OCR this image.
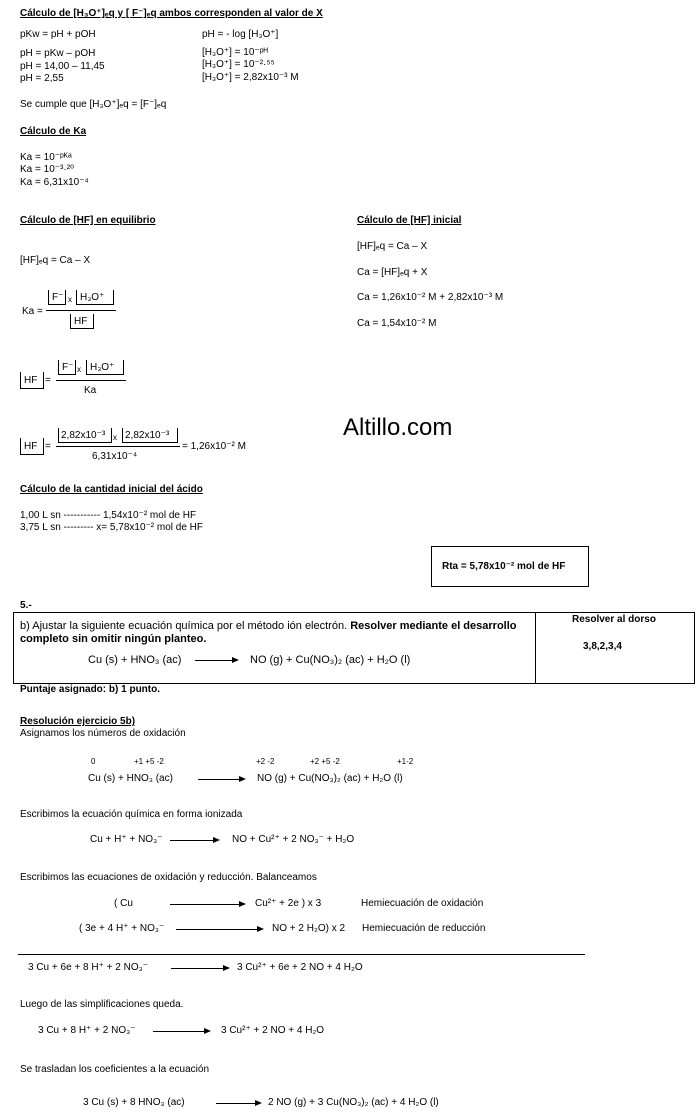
Cálculo de [H₃O⁺]ₑq y [ F⁻]ₑq ambos corresponden al valor de X
pKw = pH + pOH
pH = pKw – pOH
pH = 14,00 – 11,45
pH = 2,55
pH = - log [H₃O⁺]
[H₃O⁺] = 10⁻ᵖᴴ
[H₃O⁺] = 10⁻²·⁵⁵
[H₃O⁺] = 2,82x10⁻³ M
Se cumple que [H₃O⁺]ₑq = [F⁻]ₑq
Cálculo de Ka
Ka = 10⁻ᵖᴷᵃ
Ka = 10⁻³·²⁰
Ka = 6,31x10⁻⁴
Cálculo de [HF] en equilibrio
[HF]ₑq = Ca – X
Ka =
F⁻ x H₃O⁺
HF
HF =
F⁻ x H₃O⁺
Ka
HF =
2,82x10⁻³ x 2,82x10⁻³
6,31x10⁻⁴
= 1,26x10⁻² M
Cálculo de [HF] inicial
[HF]ₑq = Ca – X
Ca = [HF]ₑq + X
Ca = 1,26x10⁻² M + 2,82x10⁻³ M
Ca = 1,54x10⁻² M
Altillo.com
Cálculo de la cantidad inicial del ácido
1,00 L sn ----------- 1,54x10⁻² mol de HF
3,75 L sn --------- x= 5,78x10⁻² mol de HF
Rta = 5,78x10⁻² mol de HF
5.-
b) Ajustar la siguiente ecuación química por el método ión electrón. Resolver mediante el desarrollo
completo sin omitir ningún planteo.
Cu (s) + HNO₃ (ac) → NO (g) + Cu(NO₃)₂ (ac) + H₂O (l)
Resolver al dorso
3,8,2,3,4
Puntaje asignado: b) 1 punto.
Resolución ejercicio 5b)
Asignamos los números de oxidación
0	+1 +5 -2	+2 -2	+2 +5 -2	+1-2
Cu (s) + HNO₃ (ac) → NO (g) + Cu(NO₃)₂ (ac) + H₂O (l)
Escribimos la ecuación química en forma ionizada
Cu + H⁺ + NO₃⁻ → NO + Cu²⁺ + 2 NO₃⁻ + H₂O
Escribimos las ecuaciones de oxidación y reducción. Balanceamos
( Cu	Cu²⁺ + 2e ) x 3	Hemiecuación de oxidación
( 3e + 4 H⁺ + NO₃⁻	NO + 2 H₂O) x 2 Hemiecuación de reducción
3 Cu + 6e + 8 H⁺ + 2 NO₃⁻ → 3 Cu²⁺ + 6e + 2 NO + 4 H₂O
Luego de las simplificaciones queda.
3 Cu + 8 H⁺ + 2 NO₃⁻ → 3 Cu²⁺ + 2 NO + 4 H₂O
Se trasladan los coeficientes a la ecuación
3 Cu (s) + 8 HNO₃ (ac) → 2 NO (g) + 3 Cu(NO₃)₂ (ac) + 4 H₂O (l)
